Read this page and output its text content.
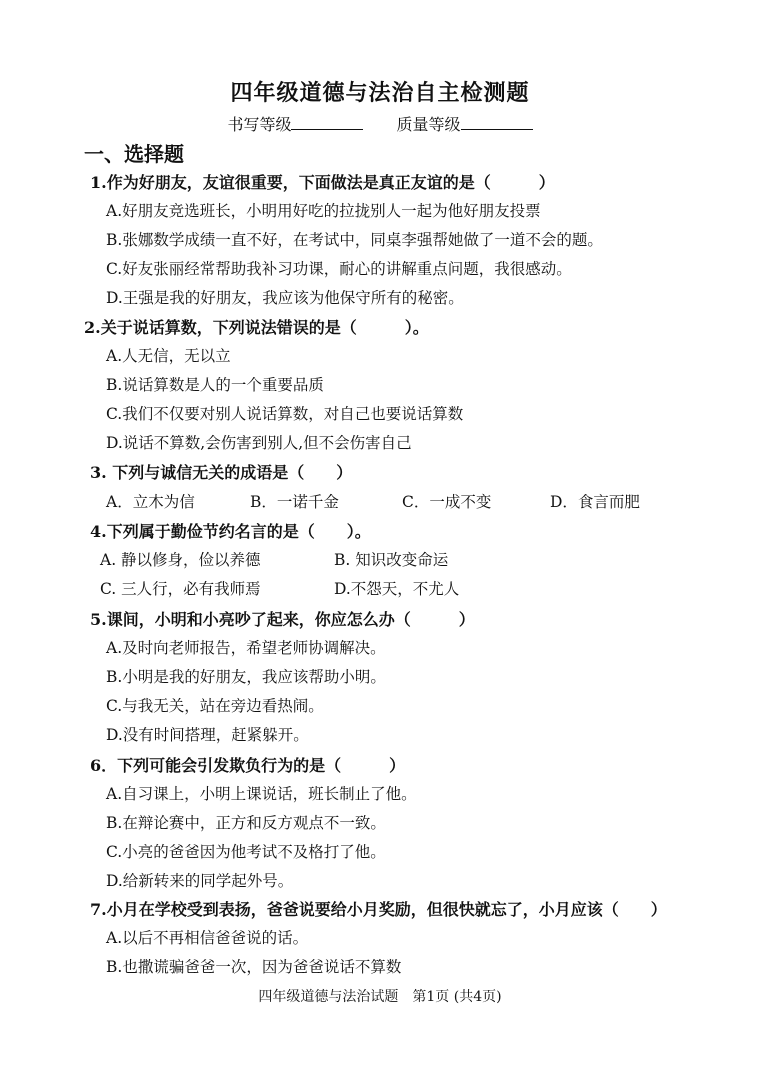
四年级道德与法治自主检测题
书写等级	质量等级
一、选择题
1.作为好朋友，友谊很重要，下面做法是真正友谊的是（　　　）
A.好朋友竞选班长，小明用好吃的拉拢别人一起为他好朋友投票
B.张娜数学成绩一直不好，在考试中，同桌李强帮她做了一道不会的题。
C.好友张丽经常帮助我补习功课，耐心的讲解重点问题，我很感动。
D.王强是我的好朋友，我应该为他保守所有的秘密。
2.关于说话算数，下列说法错误的是（　　　）。
A.人无信，无以立
B.说话算数是人的一个重要品质
C.我们不仅要对别人说话算数，对自己也要说话算数
D.说话不算数,会伤害到别人,但不会伤害自己
3. 下列与诚信无关的成语是（　　）
A．立木为信	B．一诺千金	C．一成不变	D．食言而肥
4.下列属于勤俭节约名言的是（　　）。
A. 静以修身，俭以养德	B. 知识改变命运
C. 三人行，必有我师焉	D.不怨天，不尤人
5.课间，小明和小亮吵了起来，你应怎么办（　　　）
A.及时向老师报告，希望老师协调解决。
B.小明是我的好朋友，我应该帮助小明。
C.与我无关，站在旁边看热闹。
D.没有时间搭理，赶紧躲开。
6．下列可能会引发欺负行为的是（　　　）
A.自习课上，小明上课说话，班长制止了他。
B.在辩论赛中，正方和反方观点不一致。
C.小亮的爸爸因为他考试不及格打了他。
D.给新转来的同学起外号。
7.小月在学校受到表扬，爸爸说要给小月奖励，但很快就忘了，小月应该（　　）
A.以后不再相信爸爸说的话。
B.也撒谎骗爸爸一次，因为爸爸说话不算数
四年级道德与法治试题　第1页 (共4页)
